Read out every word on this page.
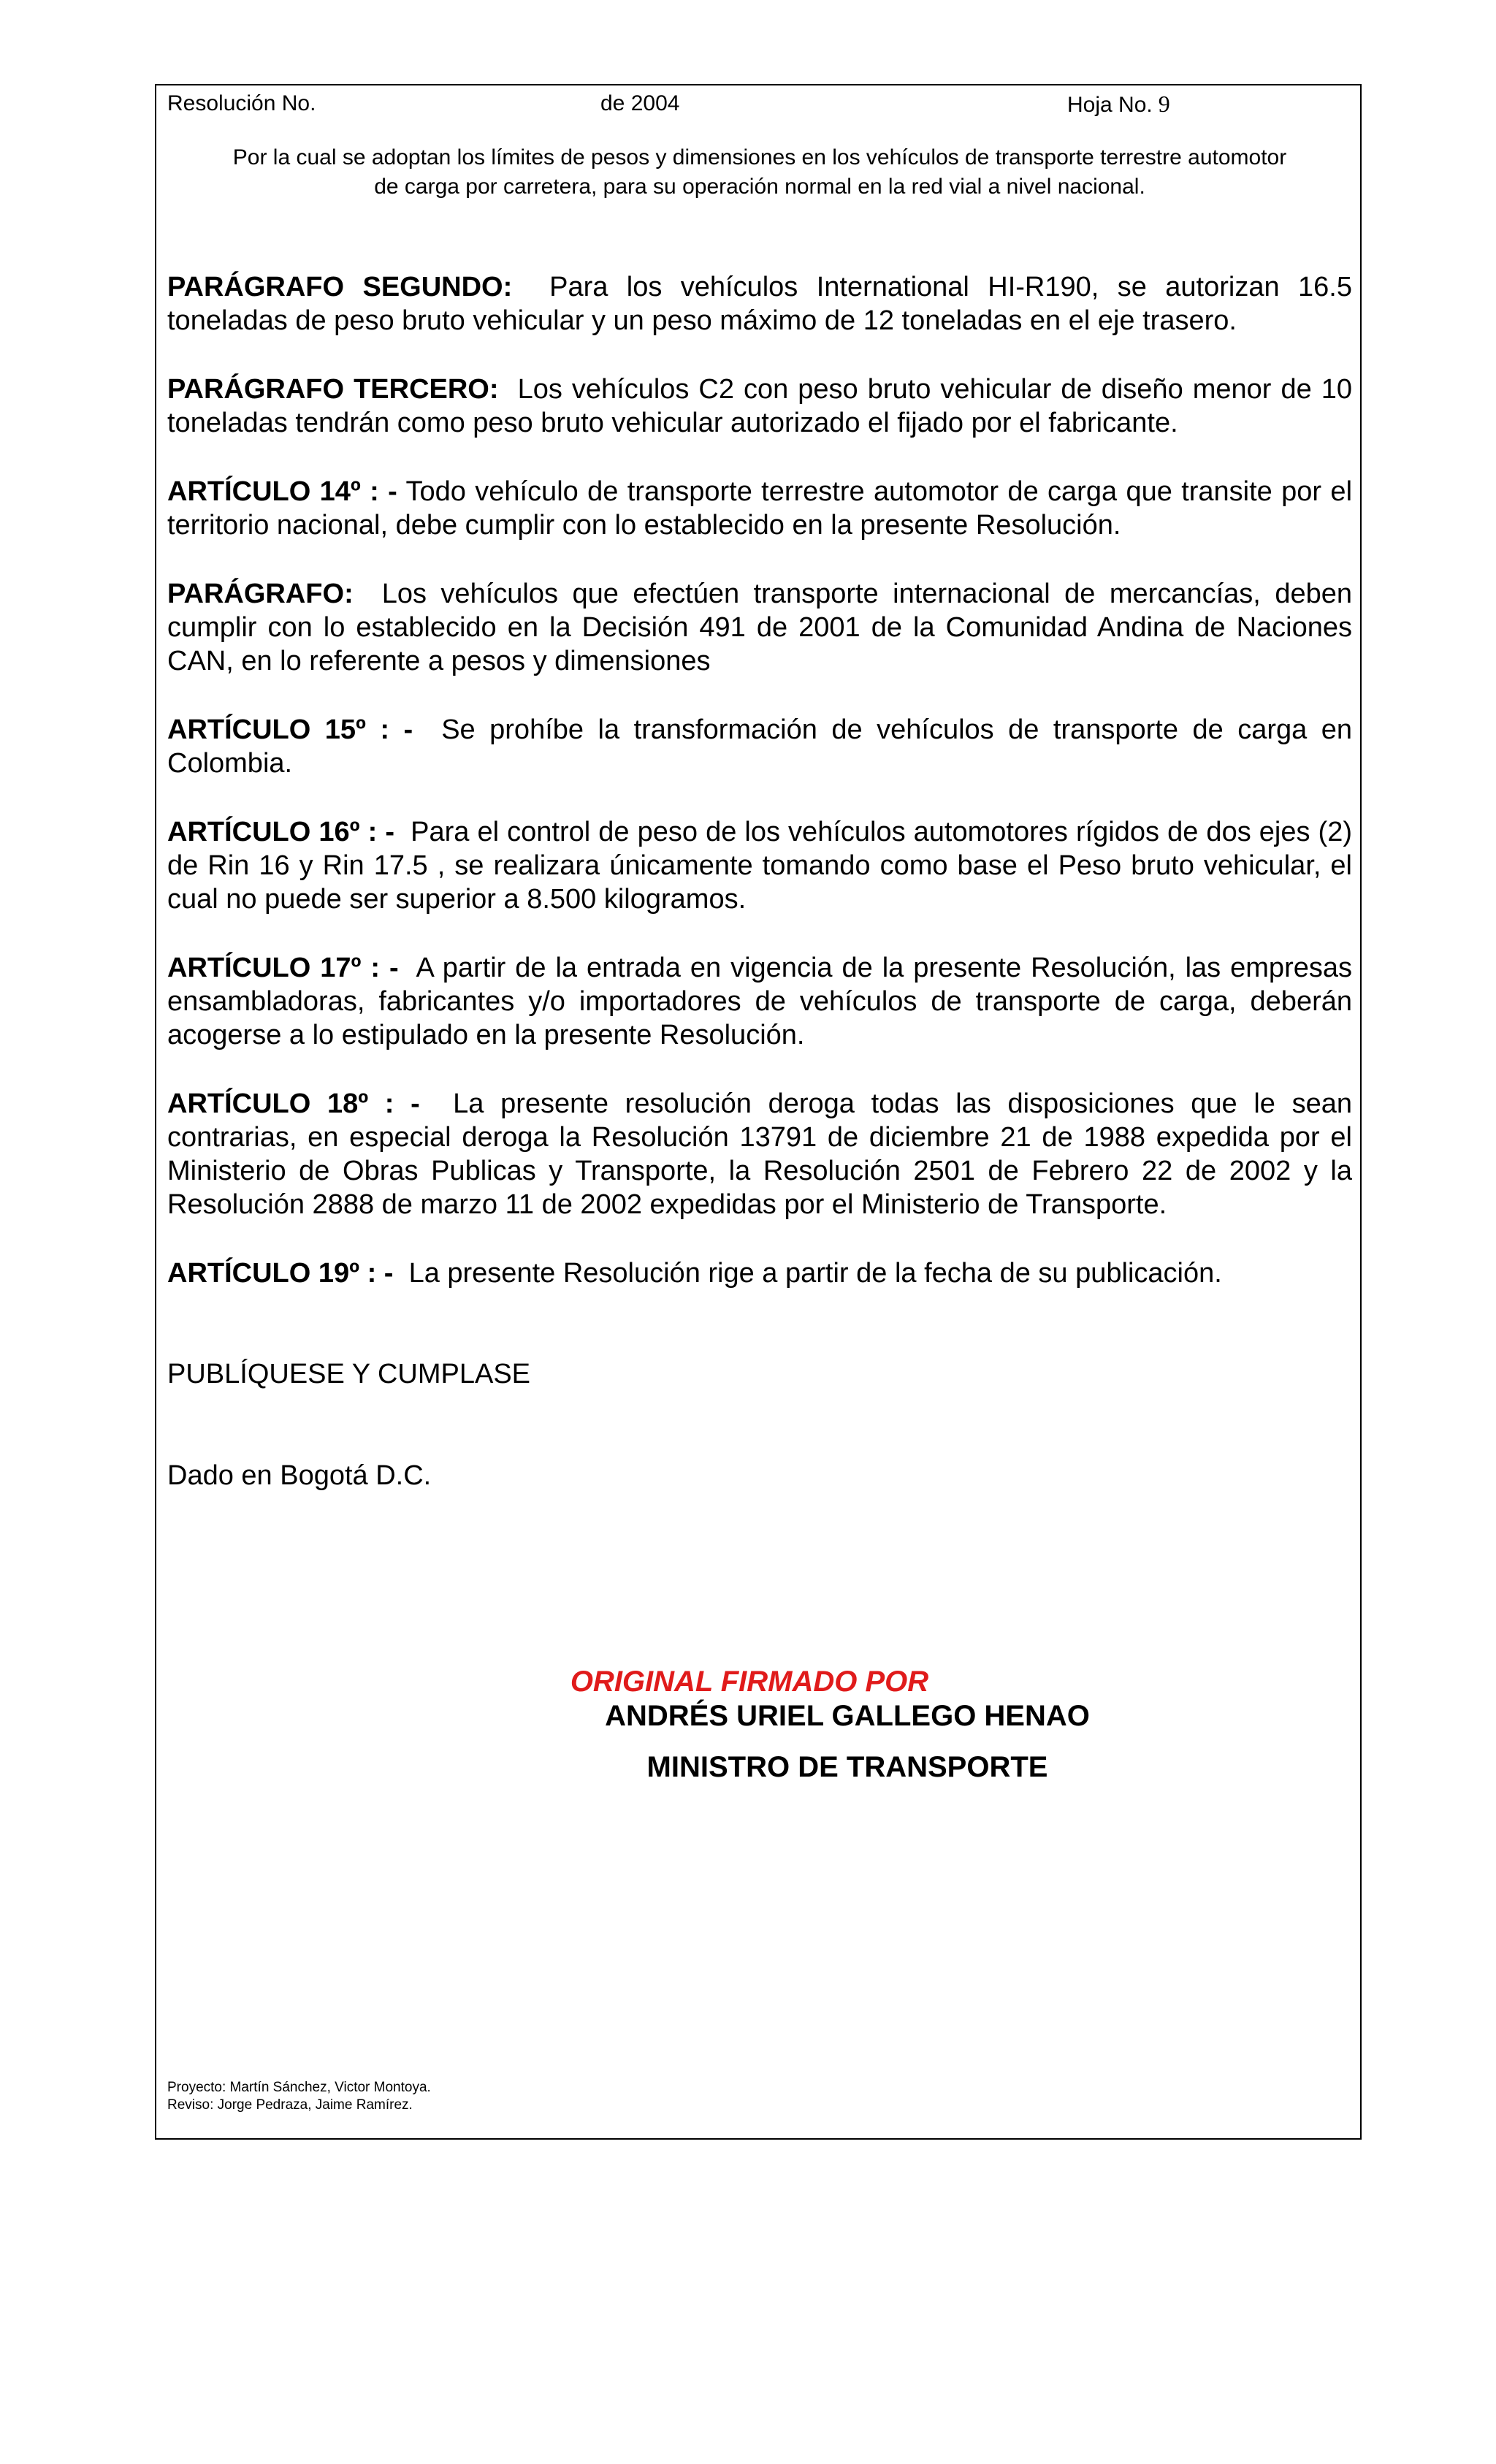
Resolución No.	de 2004	Hoja No. 9
Por la cual se adoptan los límites de pesos y dimensiones en los vehículos de transporte terrestre automotor
de carga por carretera, para su operación normal en la red vial a nivel nacional.

PARÁGRAFO SEGUNDO: Para los vehículos International HI-R190, se autorizan 16.5 toneladas de peso bruto vehicular y un peso máximo de 12 toneladas en el eje trasero.

PARÁGRAFO TERCERO: Los vehículos C2 con peso bruto vehicular de diseño menor de 10 toneladas tendrán como peso bruto vehicular autorizado el fijado por el fabricante.

ARTÍCULO 14º : - Todo vehículo de transporte terrestre automotor de carga que transite por el territorio nacional, debe cumplir con lo establecido en la presente Resolución.

PARÁGRAFO: Los vehículos que efectúen transporte internacional de mercancías, deben cumplir con lo establecido en la Decisión 491 de 2001 de la Comunidad Andina de Naciones CAN, en lo referente a pesos y dimensiones

ARTÍCULO 15º : - Se prohíbe la transformación de vehículos de transporte de carga en Colombia.

ARTÍCULO 16º : - Para el control de peso de los vehículos automotores rígidos de dos ejes (2) de Rin 16 y Rin 17.5 , se realizara únicamente tomando como base el Peso bruto vehicular, el cual no puede ser superior a 8.500 kilogramos.

ARTÍCULO 17º : - A partir de la entrada en vigencia de la presente Resolución, las empresas ensambladoras, fabricantes y/o importadores de vehículos de transporte de carga, deberán acogerse a lo estipulado en la presente Resolución.

ARTÍCULO 18º : - La presente resolución deroga todas las disposiciones que le sean contrarias, en especial deroga la Resolución 13791 de diciembre 21 de 1988 expedida por el Ministerio de Obras Publicas y Transporte, la Resolución 2501 de Febrero 22 de 2002 y la Resolución 2888 de marzo 11 de 2002 expedidas por el Ministerio de Transporte.

ARTÍCULO 19º : - La presente Resolución rige a partir de la fecha de su publicación.

PUBLÍQUESE Y CUMPLASE

Dado en Bogotá D.C.

ORIGINAL FIRMADO POR
ANDRÉS URIEL GALLEGO HENAO
MINISTRO DE TRANSPORTE
Proyecto: Martín Sánchez, Victor Montoya.
Reviso: Jorge Pedraza, Jaime Ramírez.
